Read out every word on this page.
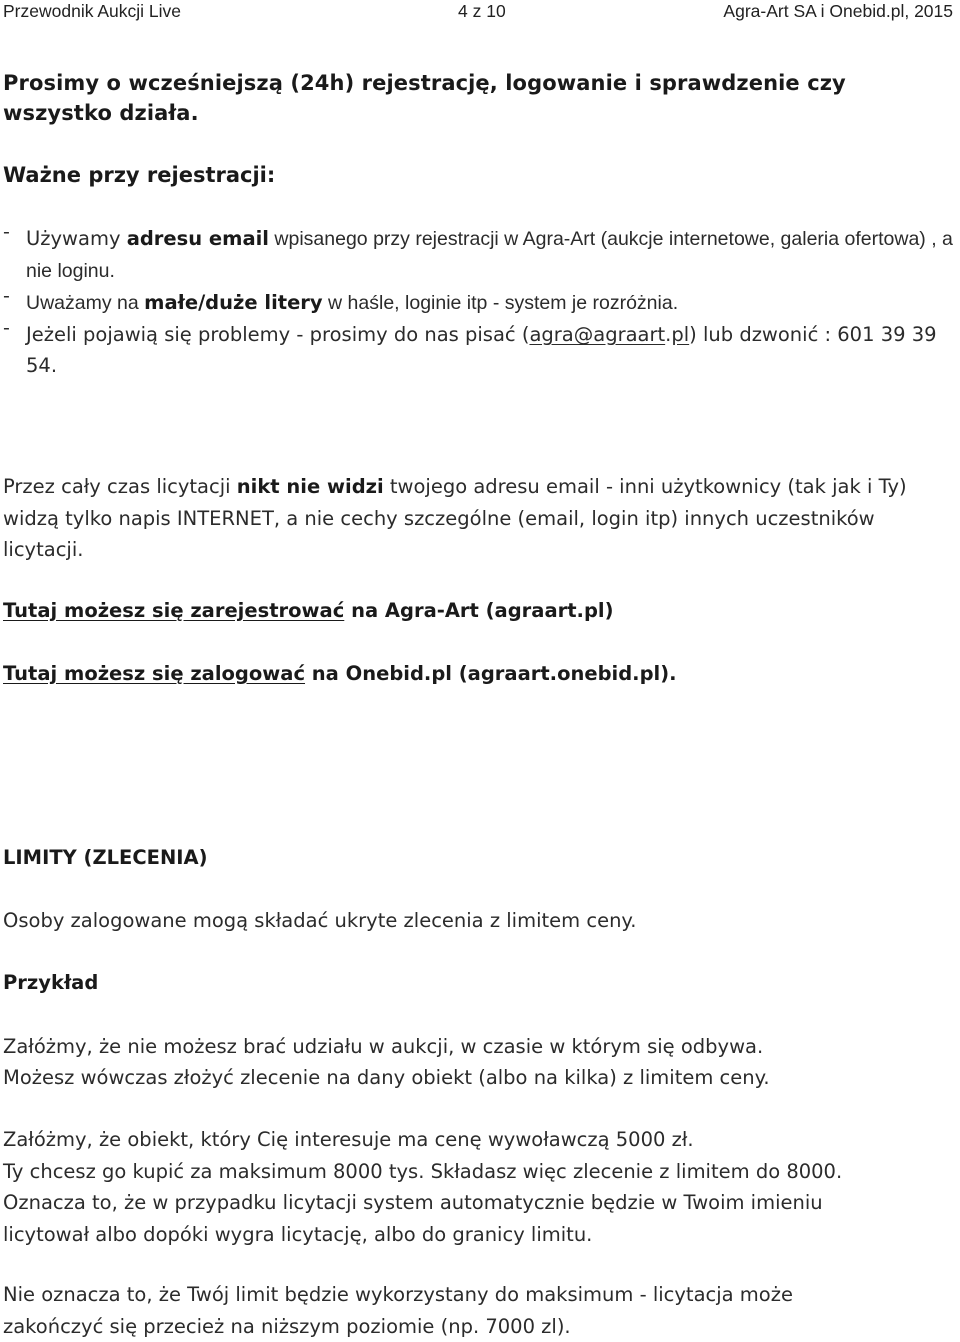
Przewodnik Aukcji Live	4 z 10	Agra-Art SA i Onebid.pl, 2015

Prosimy o wcześniejszą (24h) rejestrację, logowanie i sprawdzenie czy wszystko działa.

Ważne przy rejestracji:

- Używamy adresu email wpisanego przy rejestracji w Agra-Art (aukcje internetowe, galeria ofertowa) , a nie loginu.
- Uważamy na małe/duże litery w haśle, loginie itp - system je rozróżnia.
- Jeżeli pojawią się problemy - prosimy do nas pisać (agra@agraart.pl) lub dzwonić : 601 39 39 54.

Przez cały czas licytacji nikt nie widzi twojego adresu email - inni użytkownicy (tak jak i Ty) widzą tylko napis INTERNET, a nie cechy szczególne (email, login itp) innych uczestników licytacji.

Tutaj możesz się zarejestrować na Agra-Art (agraart.pl)

Tutaj możesz się zalogować na Onebid.pl (agraart.onebid.pl).

LIMITY (ZLECENIA)

Osoby zalogowane mogą składać ukryte zlecenia z limitem ceny.

Przykład

Załóżmy, że nie możesz brać udziału w aukcji, w czasie w którym się odbywa.
Możesz wówczas złożyć zlecenie na dany obiekt (albo na kilka) z limitem ceny.

Załóżmy, że obiekt, który Cię interesuje ma cenę wywoławczą 5000 zł.
Ty chcesz go kupić za maksimum 8000 tys. Składasz więc zlecenie z limitem do 8000.
Oznacza to, że w przypadku licytacji system automatycznie będzie w Twoim imieniu
licytował albo dopóki wygra licytację, albo do granicy limitu.

Nie oznacza to, że Twój limit będzie wykorzystany do maksimum - licytacja może
zakończyć się przecież na niższym poziomie (np. 7000 zl).
